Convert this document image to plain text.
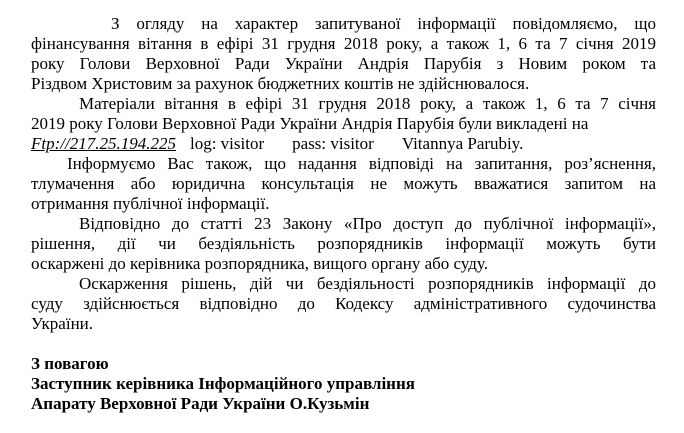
З огляду на характер запитуваної інформації повідомляємо, що
фінансування вітання в ефірі 31 грудня 2018 року, а також 1, 6 та 7 січня 2019
року Голови Верховної Ради України Андрія Парубія з Новим роком та
Різдвом Христовим за рахунок бюджетних коштів не здійснювалося.
Матеріали вітання в ефірі 31 грудня 2018 року, а також 1, 6 та 7 січня
2019 року Голови Верховної Ради України Андрія Парубія були викладені на
Ftp://217.25.194.225 log: visitor pass: visitor Vitannya Parubiy.
Інформуємо Вас також, що надання відповіді на запитання, роз’яснення,
тлумачення або юридична консультація не можуть вважатися запитом на
отримання публічної інформації.
Відповідно до статті 23 Закону «Про доступ до публічної інформації»,
рішення, дії чи бездіяльність розпорядників інформації можуть бути
оскаржені до керівника розпорядника, вищого органу або суду.
Оскарження рішень, дій чи бездіяльності розпорядників інформації до
суду здійснюється відповідно до Кодексу адміністративного судочинства
України.
З повагою
Заступник керівника Інформаційного управління
Апарату Верховної Ради України О.Кузьмін
